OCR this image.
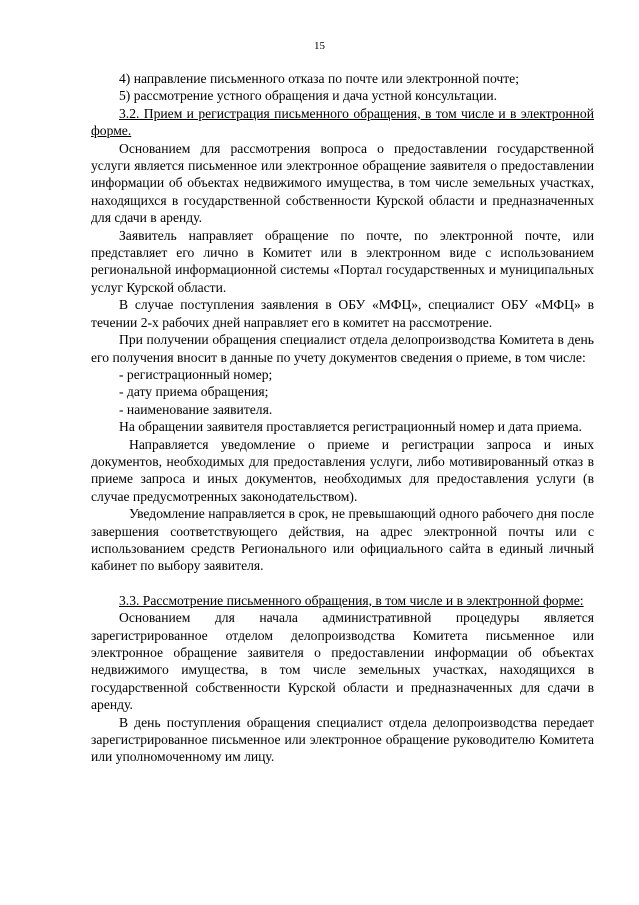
15

4) направление письменного отказа по почте или электронной почте;

5) рассмотрение устного обращения и дача устной консультации.

3.2. Прием и регистрация письменного обращения, в том числе и в электронной форме.

Основанием для рассмотрения вопроса о предоставлении государственной услуги является письменное или электронное обращение заявителя о предоставлении информации об объектах недвижимого имущества, в том числе земельных участках, находящихся в государственной собственности Курской области и предназначенных для сдачи в аренду.

Заявитель направляет обращение по почте, по электронной почте, или представляет его лично в Комитет или в электронном виде с использованием региональной информационной системы «Портал государственных и муниципальных услуг Курской области.

В случае поступления заявления в ОБУ «МФЦ», специалист ОБУ «МФЦ» в течении 2-х рабочих дней направляет его в комитет на рассмотрение.

При получении обращения специалист отдела делопроизводства Комитета в день его получения вносит в данные по учету документов сведения о приеме, в том числе:

- регистрационный номер;

- дату приема обращения;

- наименование заявителя.

На обращении заявителя проставляется регистрационный номер и дата приема.

Направляется уведомление о приеме и регистрации запроса и иных документов, необходимых для предоставления услуги, либо мотивированный отказ в приеме запроса и иных документов, необходимых для предоставления услуги (в случае предусмотренных законодательством).

Уведомление направляется в срок, не превышающий одного рабочего дня после завершения соответствующего действия, на адрес электронной почты или с использованием средств Регионального или официального сайта в единый личный кабинет по выбору заявителя.

3.3. Рассмотрение письменного обращения, в том числе и в электронной форме:

Основанием для начала административной процедуры является зарегистрированное отделом делопроизводства Комитета письменное или электронное обращение заявителя о предоставлении информации об объектах недвижимого имущества, в том числе земельных участках, находящихся в государственной собственности Курской области и предназначенных для сдачи в аренду.

В день поступления обращения специалист отдела делопроизводства передает зарегистрированное письменное или электронное обращение руководителю Комитета или уполномоченному им лицу.
